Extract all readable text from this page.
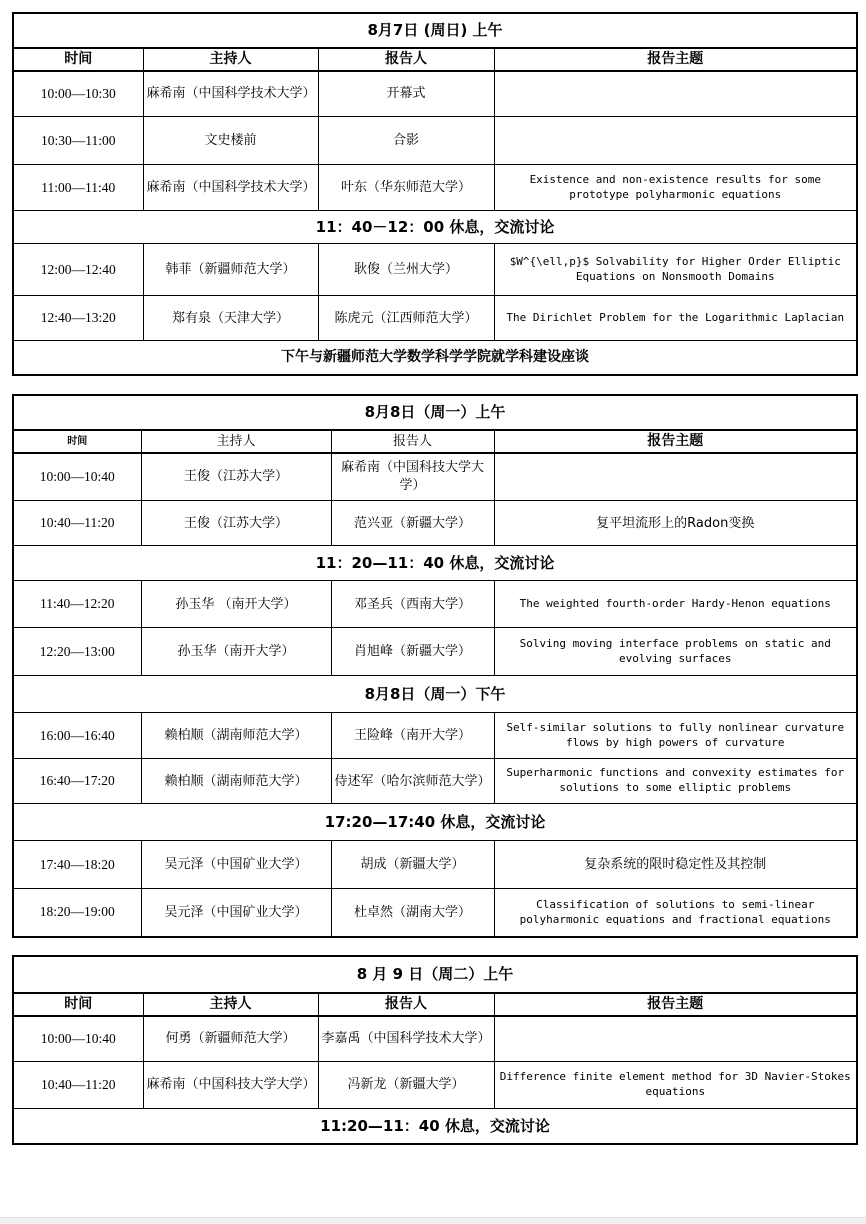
8月7日 (周日) 上午			
时间	主持人	报告人	报告主题
10:00—10:30	麻希南（中国科学技术大学）	开幕式	
10:30—11:00	文史楼前	合影	
11:00—11:40	麻希南（中国科学技术大学）	叶东（华东师范大学）	Existence and non-existence results for some prototype polyharmonic equations
11：40－12：00 休息，交流讨论			
12:00—12:40	韩菲（新疆师范大学）	耿俊（兰州大学）	$W^{\ell,p}$ Solvability for Higher Order Elliptic Equations on Nonsmooth Domains
12:40—13:20	郑有泉（天津大学）	陈虎元（江西师范大学）	The Dirichlet Problem for the Logarithmic Laplacian
下午与新疆师范大学数学科学学院就学科建设座谈			
8月8日（周一）上午			
时间	主持人	报告人	报告主题
10:00—10:40	王俊（江苏大学）	麻希南（中国科技大学大学）	
10:40—11:20	王俊（江苏大学）	范兴亚（新疆大学）	复平坦流形上的Radon变换
11：20—11：40 休息，交流讨论			
11:40—12:20	孙玉华 （南开大学）	邓圣兵（西南大学）	The weighted fourth-order Hardy-Henon equations
12:20—13:00	孙玉华（南开大学）	肖旭峰（新疆大学）	Solving moving interface problems on static and evolving surfaces
8月8日（周一）下午			
16:00—16:40	赖柏顺（湖南师范大学）	王险峰（南开大学）	Self-similar solutions to fully nonlinear curvature flows by high powers of curvature
16:40—17:20	赖柏顺（湖南师范大学）	侍述军（哈尔滨师范大学）	Superharmonic functions and convexity estimates for solutions to some elliptic problems
17:20—17:40 休息，交流讨论			
17:40—18:20	吴元泽（中国矿业大学）	胡成（新疆大学）	复杂系统的限时稳定性及其控制
18:20—19:00	吴元泽（中国矿业大学）	杜卓然（湖南大学）	Classification of solutions to semi-linear polyharmonic equations and fractional equations
8 月 9 日（周二）上午			
时间	主持人	报告人	报告主题
10:00—10:40	何勇（新疆师范大学）	李嘉禹（中国科学技术大学）	
10:40—11:20	麻希南（中国科技大学大学）	冯新龙（新疆大学）	Difference finite element method for 3D Navier-Stokes equations
11:20—11：40 休息，交流讨论			
